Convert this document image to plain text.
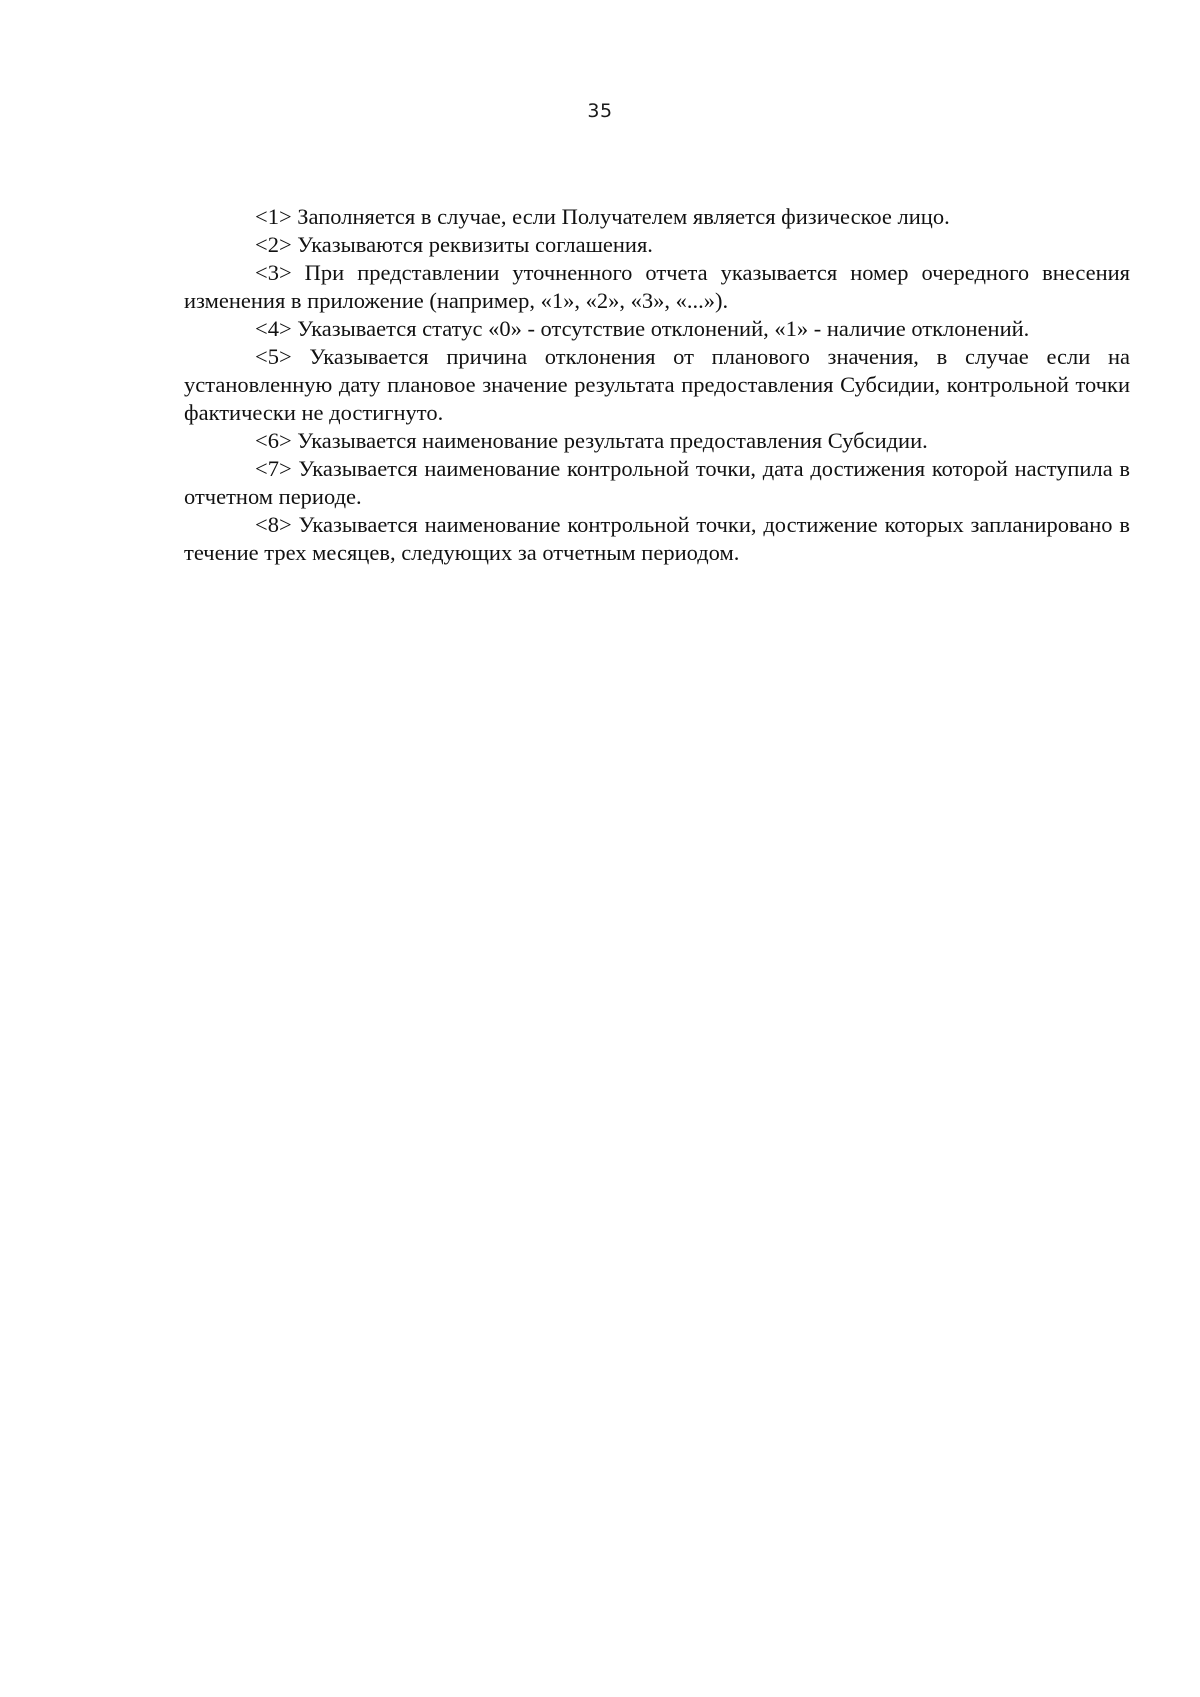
35

<1> Заполняется в случае, если Получателем является физическое лицо.

<2> Указываются реквизиты соглашения.

<3> При представлении уточненного отчета указывается номер очередного внесения изменения в приложение (например, «1», «2», «3», «...»).

<4> Указывается статус «0» - отсутствие отклонений, «1» - наличие отклонений.

<5> Указывается причина отклонения от планового значения, в случае если на установленную дату плановое значение результата предоставления Субсидии, контрольной точки фактически не достигнуто.

<6> Указывается наименование результата предоставления Субсидии.

<7> Указывается наименование контрольной точки, дата достижения которой наступила в отчетном периоде.

<8> Указывается наименование контрольной точки, достижение которых запланировано в течение трех месяцев, следующих за отчетным периодом.
